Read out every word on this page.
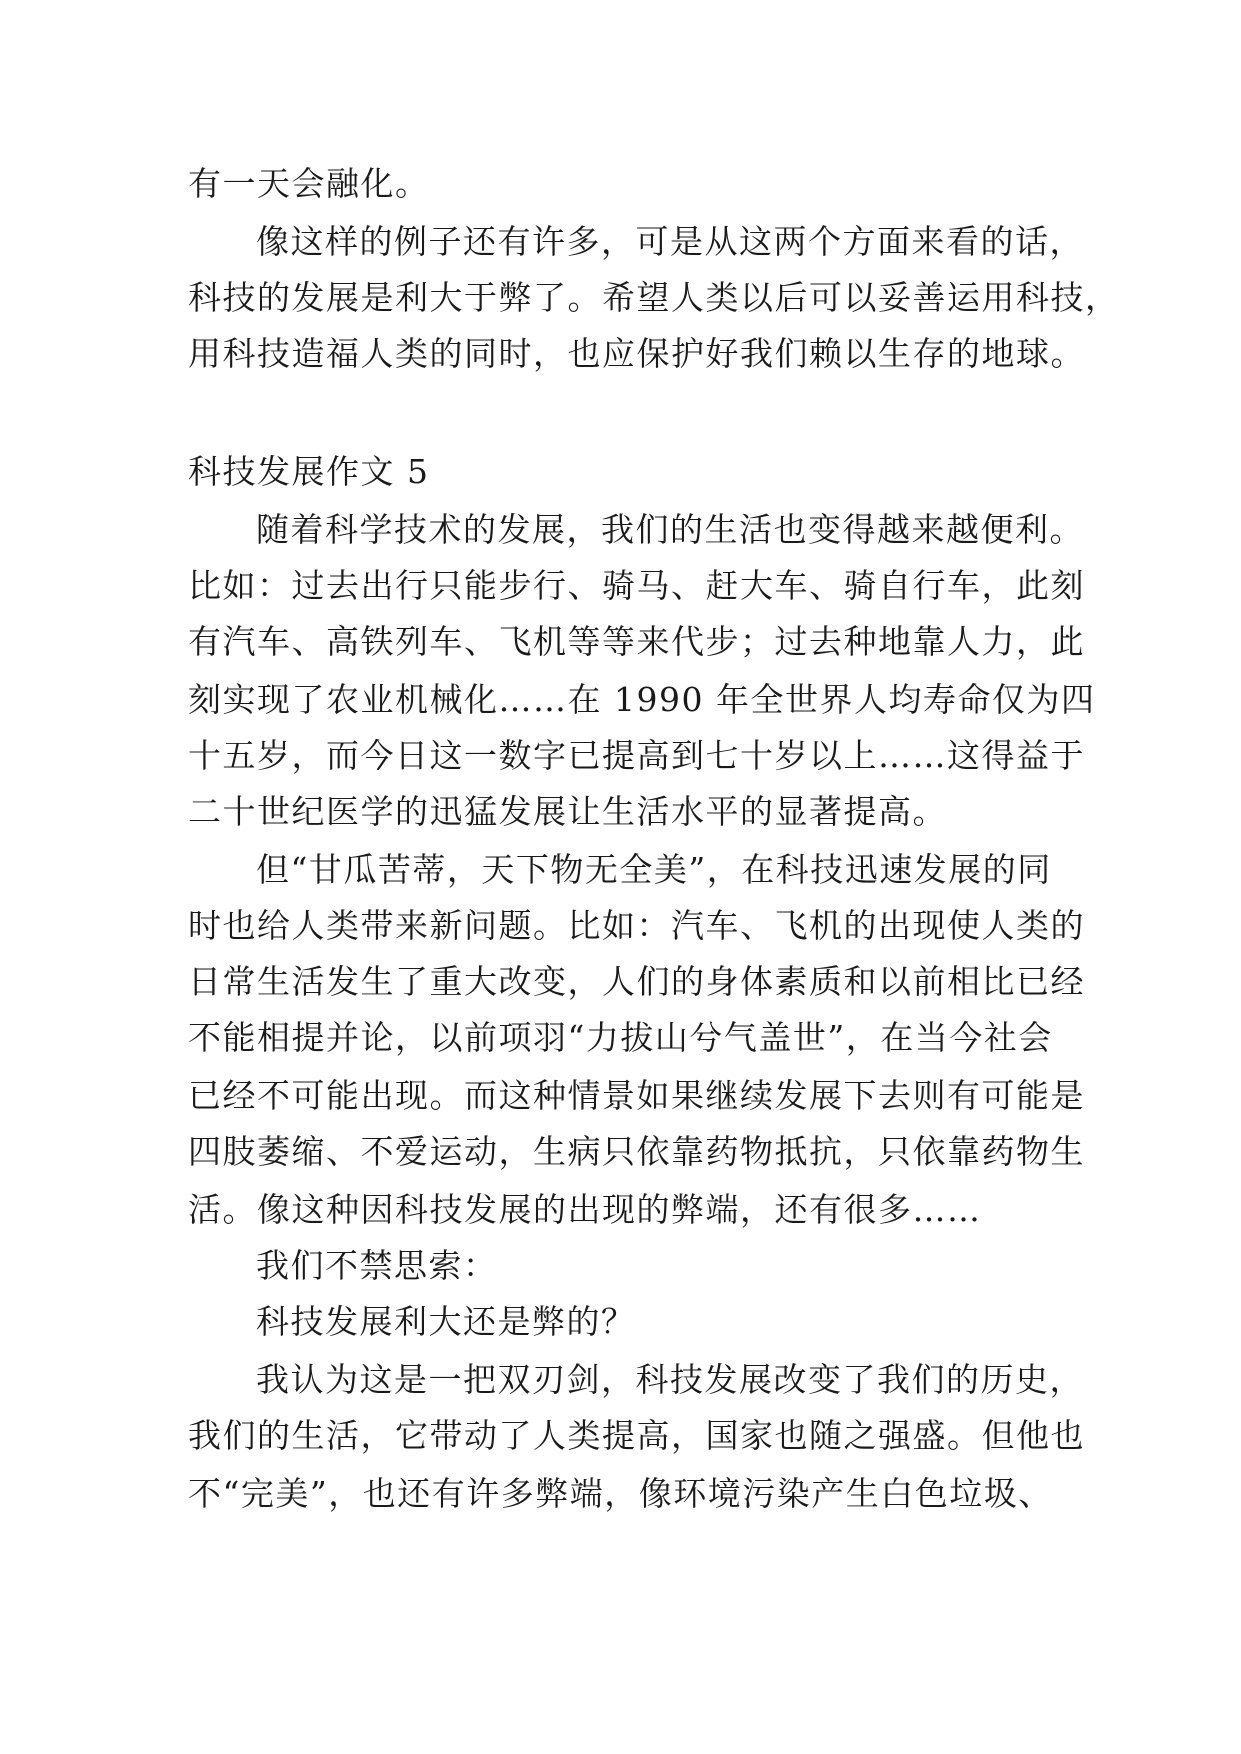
有一天会融化。
像这样的例子还有许多，可是从这两个方面来看的话，
科技的发展是利大于弊了。希望人类以后可以妥善运用科技，
用科技造福人类的同时，也应保护好我们赖以生存的地球。
科技发展作文 5
随着科学技术的发展，我们的生活也变得越来越便利。
比如：过去出行只能步行、骑马、赶大车、骑自行车，此刻
有汽车、高铁列车、飞机等等来代步；过去种地靠人力，此
刻实现了农业机械化……在 1990 年全世界人均寿命仅为四
十五岁，而今日这一数字已提高到七十岁以上……这得益于
二十世纪医学的迅猛发展让生活水平的显著提高。
但“甘瓜苦蒂，天下物无全美”，在科技迅速发展的同
时也给人类带来新问题。比如：汽车、飞机的出现使人类的
日常生活发生了重大改变，人们的身体素质和以前相比已经
不能相提并论，以前项羽“力拔山兮气盖世”，在当今社会
已经不可能出现。而这种情景如果继续发展下去则有可能是
四肢萎缩、不爱运动，生病只依靠药物抵抗，只依靠药物生
活。像这种因科技发展的出现的弊端，还有很多……
我们不禁思索：
科技发展利大还是弊的？
我认为这是一把双刃剑，科技发展改变了我们的历史，
我们的生活，它带动了人类提高，国家也随之强盛。但他也
不“完美”，也还有许多弊端，像环境污染产生白色垃圾、
